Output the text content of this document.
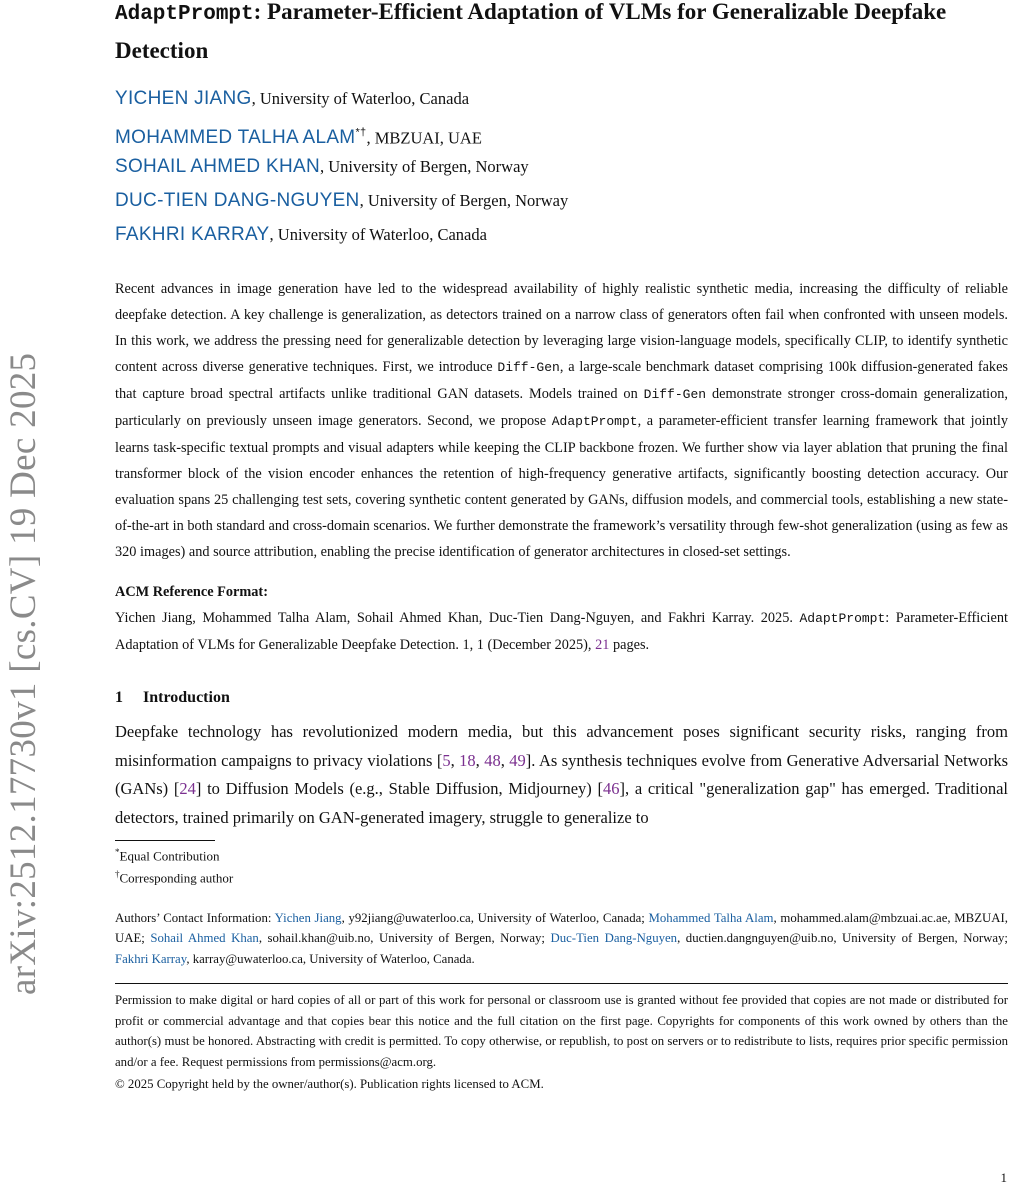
arXiv:2512.17730v1 [cs.CV] 19 Dec 2025
AdaptPrompt: Parameter-Efficient Adaptation of VLMs for Generalizable Deepfake Detection
YICHEN JIANG, University of Waterloo, Canada
MOHAMMED TALHA ALAM*†, MBZUAI, UAE
SOHAIL AHMED KHAN, University of Bergen, Norway
DUC-TIEN DANG-NGUYEN, University of Bergen, Norway
FAKHRI KARRAY, University of Waterloo, Canada
Recent advances in image generation have led to the widespread availability of highly realistic synthetic media, increasing the difficulty of reliable deepfake detection. A key challenge is generalization, as detectors trained on a narrow class of generators often fail when confronted with unseen models. In this work, we address the pressing need for generalizable detection by leveraging large vision-language models, specifically CLIP, to identify synthetic content across diverse generative techniques. First, we introduce Diff-Gen, a large-scale benchmark dataset comprising 100k diffusion-generated fakes that capture broad spectral artifacts unlike traditional GAN datasets. Models trained on Diff-Gen demonstrate stronger cross-domain generalization, particularly on previously unseen image generators. Second, we propose AdaptPrompt, a parameter-efficient transfer learning framework that jointly learns task-specific textual prompts and visual adapters while keeping the CLIP backbone frozen. We further show via layer ablation that pruning the final transformer block of the vision encoder enhances the retention of high-frequency generative artifacts, significantly boosting detection accuracy. Our evaluation spans 25 challenging test sets, covering synthetic content generated by GANs, diffusion models, and commercial tools, establishing a new state-of-the-art in both standard and cross-domain scenarios. We further demonstrate the framework’s versatility through few-shot generalization (using as few as 320 images) and source attribution, enabling the precise identification of generator architectures in closed-set settings.
ACM Reference Format:
Yichen Jiang, Mohammed Talha Alam, Sohail Ahmed Khan, Duc-Tien Dang-Nguyen, and Fakhri Karray. 2025. AdaptPrompt: Parameter-Efficient Adaptation of VLMs for Generalizable Deepfake Detection. 1, 1 (December 2025), 21 pages.
1 Introduction
Deepfake technology has revolutionized modern media, but this advancement poses significant security risks, ranging from misinformation campaigns to privacy violations [5, 18, 48, 49]. As synthesis techniques evolve from Generative Adversarial Networks (GANs) [24] to Diffusion Models (e.g., Stable Diffusion, Midjourney) [46], a critical "generalization gap" has emerged. Traditional detectors, trained primarily on GAN-generated imagery, struggle to generalize to
*Equal Contribution
†Corresponding author
Authors’ Contact Information: Yichen Jiang, y92jiang@uwaterloo.ca, University of Waterloo, Canada; Mohammed Talha Alam, mohammed.alam@mbzuai.ac.ae, MBZUAI, UAE; Sohail Ahmed Khan, sohail.khan@uib.no, University of Bergen, Norway; Duc-Tien Dang-Nguyen, ductien.dangnguyen@uib.no, University of Bergen, Norway; Fakhri Karray, karray@uwaterloo.ca, University of Waterloo, Canada.
Permission to make digital or hard copies of all or part of this work for personal or classroom use is granted without fee provided that copies are not made or distributed for profit or commercial advantage and that copies bear this notice and the full citation on the first page. Copyrights for components of this work owned by others than the author(s) must be honored. Abstracting with credit is permitted. To copy otherwise, or republish, to post on servers or to redistribute to lists, requires prior specific permission and/or a fee. Request permissions from permissions@acm.org.
© 2025 Copyright held by the owner/author(s). Publication rights licensed to ACM.
1
